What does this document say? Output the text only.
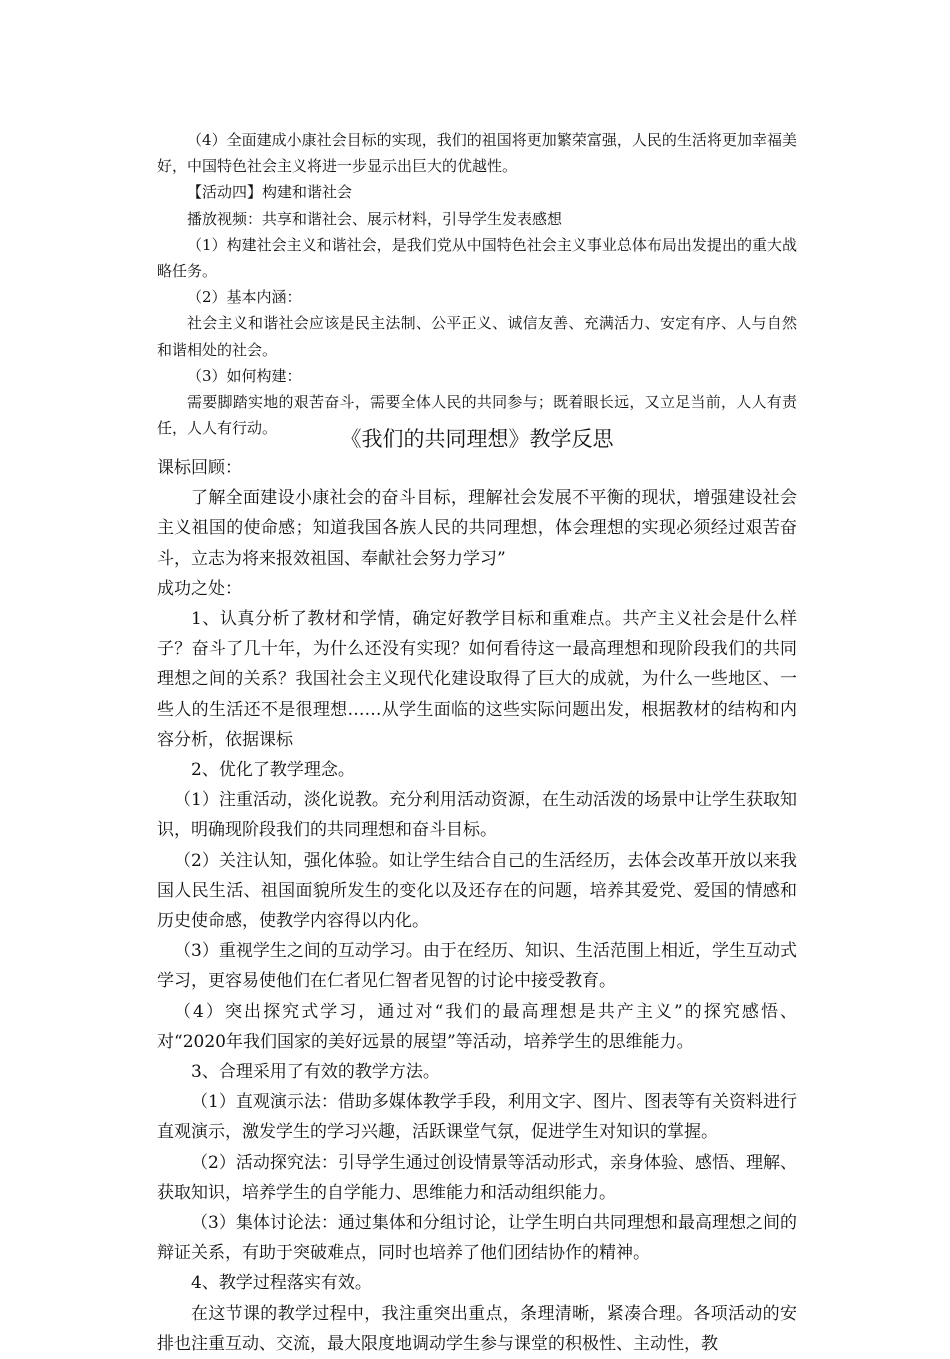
（4）全面建成小康社会目标的实现，我们的祖国将更加繁荣富强，人民的生活将更加幸福美好，中国特色社会主义将进一步显示出巨大的优越性。

【活动四】构建和谐社会

播放视频：共享和谐社会、展示材料，引导学生发表感想

（1）构建社会主义和谐社会，是我们党从中国特色社会主义事业总体布局出发提出的重大战略任务。

（2）基本内涵：

社会主义和谐社会应该是民主法制、公平正义、诚信友善、充满活力、安定有序、人与自然和谐相处的社会。

（3）如何构建：

需要脚踏实地的艰苦奋斗，需要全体人民的共同参与；既着眼长远，又立足当前，人人有责任，人人有行动。	《我们的共同理想》教学反思

课标回顾：

了解全面建设小康社会的奋斗目标，理解社会发展不平衡的现状，增强建设社会主义祖国的使命感；知道我国各族人民的共同理想，体会理想的实现必须经过艰苦奋斗，立志为将来报效祖国、奉献社会努力学习”

成功之处：

1、认真分析了教材和学情，确定好教学目标和重难点。共产主义社会是什么样子？奋斗了几十年，为什么还没有实现？如何看待这一最高理想和现阶段我们的共同理想之间的关系？我国社会主义现代化建设取得了巨大的成就，为什么一些地区、一些人的生活还不是很理想……从学生面临的这些实际问题出发，根据教材的结构和内容分析，依据课标

2、优化了教学理念。

（1）注重活动，淡化说教。充分利用活动资源，在生动活泼的场景中让学生获取知识，明确现阶段我们的共同理想和奋斗目标。

（2）关注认知，强化体验。如让学生结合自己的生活经历，去体会改革开放以来我国人民生活、祖国面貌所发生的变化以及还存在的问题，培养其爱党、爱国的情感和历史使命感，使教学内容得以内化。

（3）重视学生之间的互动学习。由于在经历、知识、生活范围上相近，学生互动式学习，更容易使他们在仁者见仁智者见智的讨论中接受教育。

（4）突出探究式学习，通过对“我们的最高理想是共产主义”的探究感悟、对“2020年我们国家的美好远景的展望”等活动，培养学生的思维能力。

3、合理采用了有效的教学方法。

（1）直观演示法：借助多媒体教学手段，利用文字、图片、图表等有关资料进行直观演示，激发学生的学习兴趣，活跃课堂气氛，促进学生对知识的掌握。

（2）活动探究法：引导学生通过创设情景等活动形式，亲身体验、感悟、理解、获取知识，培养学生的自学能力、思维能力和活动组织能力。

（3）集体讨论法：通过集体和分组讨论，让学生明白共同理想和最高理想之间的辩证关系，有助于突破难点，同时也培养了他们团结协作的精神。

4、教学过程落实有效。

在这节课的教学过程中，我注重突出重点，条理清晰，紧凑合理。各项活动的安排也注重互动、交流，最大限度地调动学生参与课堂的积极性、主动性，教
